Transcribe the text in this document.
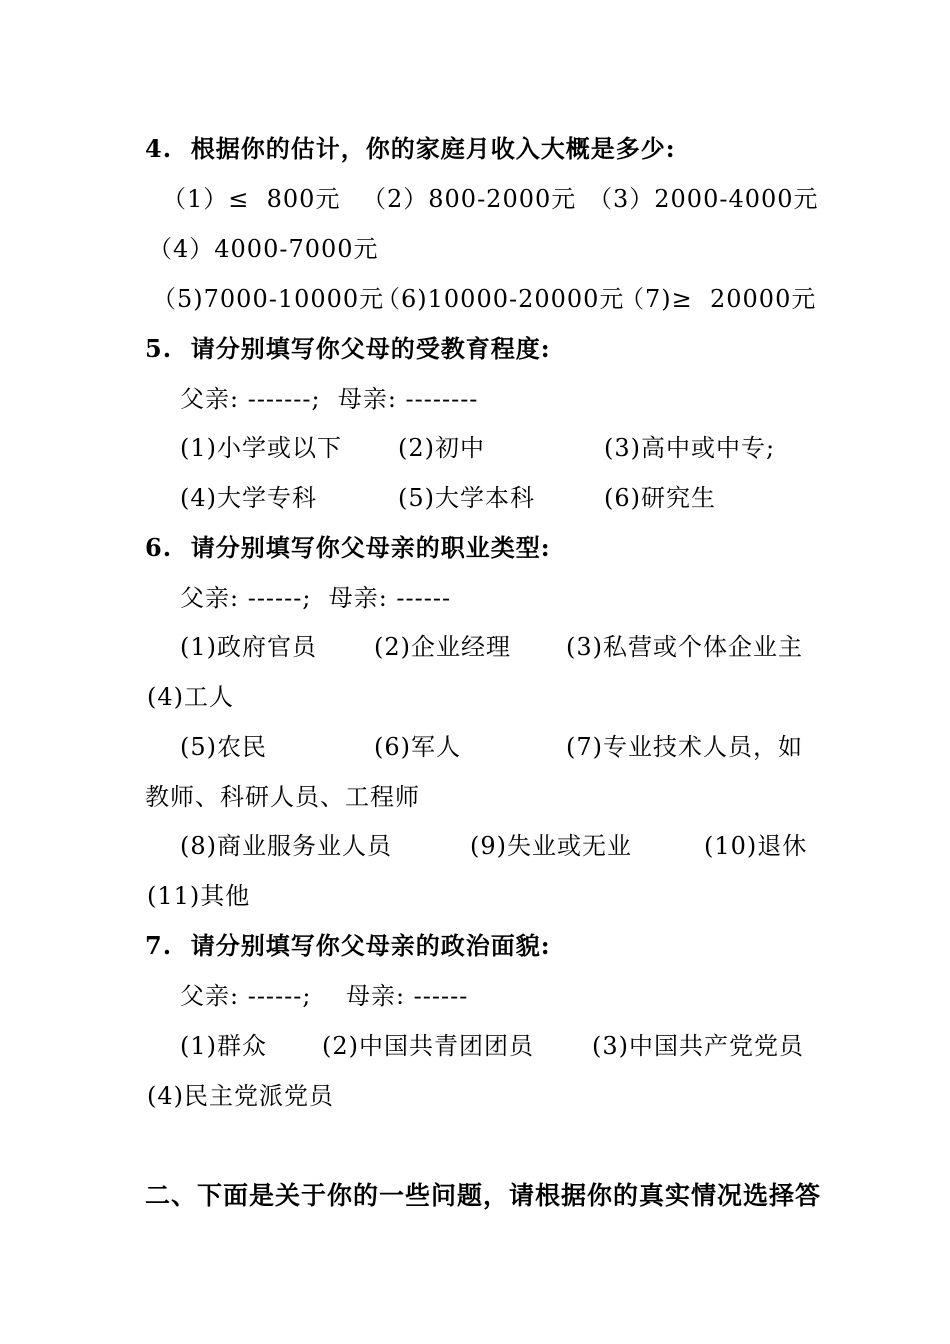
4.  根据你的估计，你的家庭月收入大概是多少:
（1）≤  800元 （2）800-2000元 （3）2000-4000元
（4）4000-7000元
（5)7000-10000元
（6)10000-20000元
（7)≥  20000元
5.  请分别填写你父母的受教育程度:
父亲: -------;  母亲: --------
(1)小学或以下 (2)初中	(3)高中或中专;
(4)大学专科	(5)大学本科	(6)研究生
6.  请分别填写你父母亲的职业类型:
父亲: ------;  母亲: ------
(1)政府官员 (2)企业经理 (3)私营或个体企业主
(4)工人
(5)农民	(6)军人	(7)专业技术人员，如
教师、科研人员、工程师
(8)商业服务业人员	(9)失业或无业	(10)退休
(11)其他
7.  请分别填写你父母亲的政治面貌:
父亲: ------;    母亲: ------
(1)群众 (2)中国共青团团员 (3)中国共产党党员
(4)民主党派党员
二、下面是关于你的一些问题，请根据你的真实情况选择答
